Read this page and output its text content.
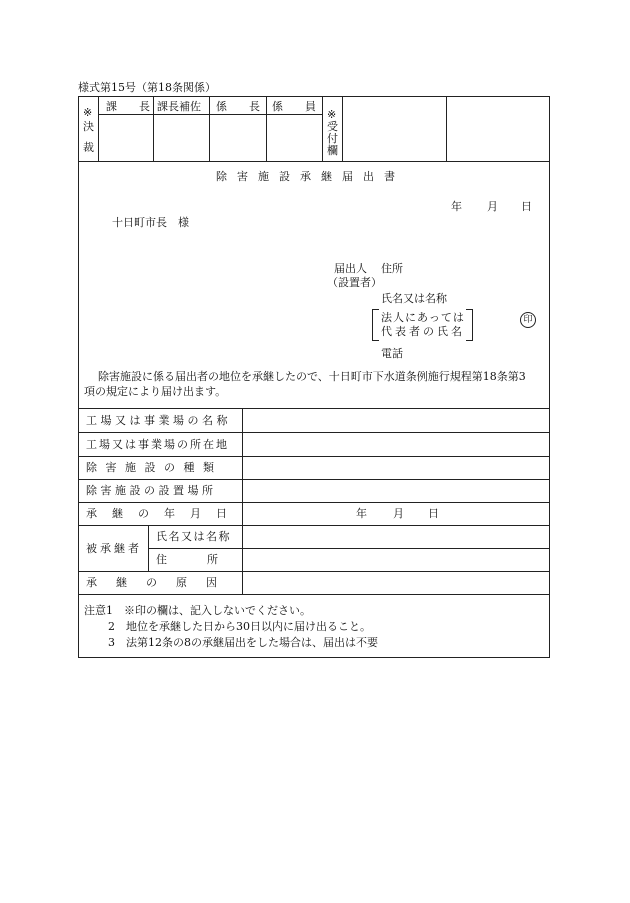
様式第15号（第18条関係）
※
決
裁
課　　長 課長補佐 係　　長 係　　員
※
受
付
欄
除害施設承継届出書
年 月 日
十日町市長　様
届出人
（設置者）
住所
氏名又は名称
法人にあっては
代表者の氏名
印
電話
除害施設に係る届出者の地位を承継したので、十日町市下水道条例施行規程第18条第3
項の規定により届け出ます。
工場又は事業場の名称
工場又は事業場の所在地
除害施設の種類
除害施設の設置場所
承継の年月日	年 月 日
被承継者
氏名又は名称
住所
承継の原因
注意1　※印の欄は、記入しないでください。
2　地位を承継した日から30日以内に届け出ること。
3　法第12条の8の承継届出をした場合は、届出は不要
